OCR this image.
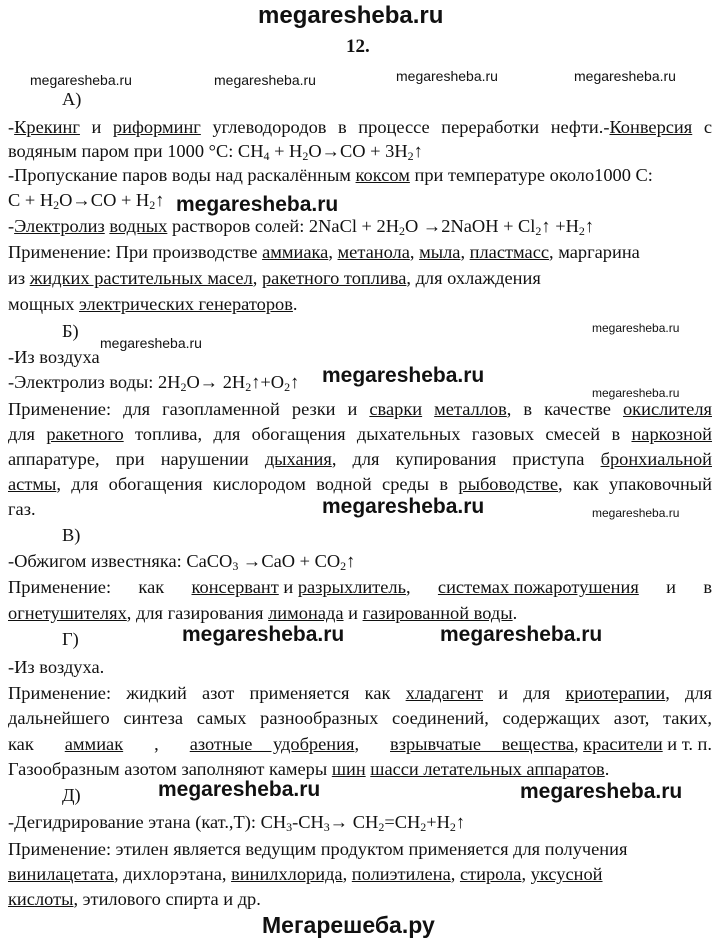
megaresheba.ru
12.
megaresheba.ru	megaresheba.ru	megaresheba.ru	megaresheba.ru
megaresheba.ru
megaresheba.ru
megaresheba.ru
megaresheba.ru
megaresheba.ru
megaresheba.ru
megaresheba.ru
megaresheba.ru	megaresheba.ru
megaresheba.ru	megaresheba.ru
А)
-Крекинг и риформинг углеводородов в процессе переработки нефти.-Конверсия с
водяным паром при 1000 °С: $СН_4 + Н_2О\to СО$ + $3Н_2↑$
-Пропускание паров воды над раскалённым коксом при температуре около1000 С:
$С + Н_2О\to СО$ + $Н_2↑$
-Электролиз водных растворов солей: 2NaCl + $2H_2O$ →2NaOH + $Cl_2↑$ $+H_2↑$
Применение: При производстве аммиака, метанола, мыла, пластмасс, маргарина
из жидких растительных масел, ракетного топлива, для охлаждения
мощных электрических генераторов.
Б)
-Из воздуха
-Электролиз воды: $2H_2O\to$ $2H_2↑+O_2↑$
Применение: для газопламенной резки и сварки металлов, в качестве окислителя
для ракетного топлива, для обогащения дыхательных газовых смесей в наркозной
аппаратуре, при нарушении дыхания, для купирования приступа бронхиальной
астмы, для обогащения кислородом водной среды в рыбоводстве, как упаковочный
газ.
В)
-Обжигом известняка: CaCO$_3$ $\to CaO + CO_2↑$
Применение: как консервант и разрыхлитель, системах пожаротушения и в
огнетушителях, для газирования лимонада и газированной воды.
Г)
-Из воздуха.
Применение: жидкий азот применяется как хладагент и для криотерапии, для
дальнейшего синтеза самых разнообразных соединений, содержащих азот, таких,
как аммиак , азотные удобрения, взрывчатые вещества, красители и т. п.
Газообразным азотом заполняют камеры шин шасси летательных аппаратов.
Д)
-Дегидрирование этана (кат.,T): $CH_3-CH_3\to$ $CH_2=CH_2+H_2↑$
Применение: этилен является ведущим продуктом применяется для получения
винилацетата, дихлорэтана, винилхлорида, полиэтилена, стирола, уксусной
кислоты, этилового спирта и др.
Мегарешеба.ру
